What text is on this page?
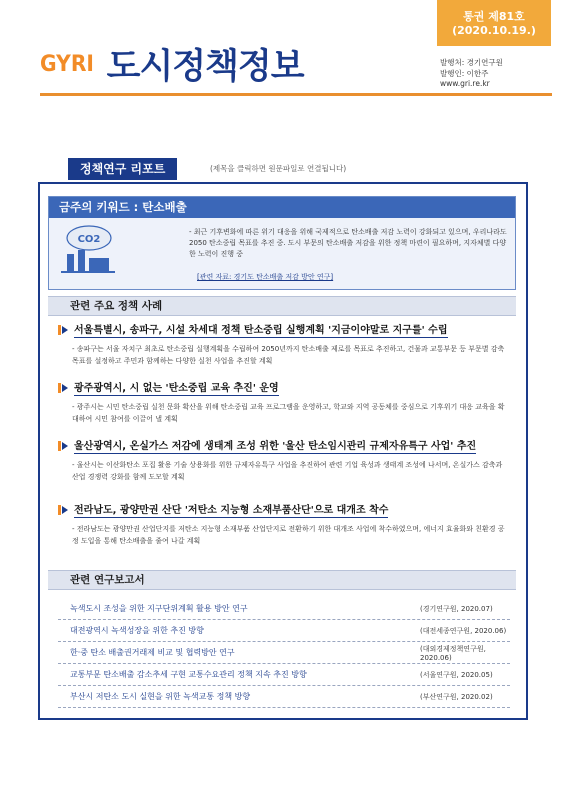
통권 제81호
(2020.10.19.)
GYRI 도시정책정보	발행처: 경기연구원
발행인: 이한주
www.gri.re.kr
정책연구 리포트	(제목을 클릭하면 원문파일로 연결됩니다)
금주의 키워드 : 탄소배출
CO2
- 최근 기후변화에 따른 위기 대응을 위해 국제적으로 탄소배출 저감 노력이 강화되고 있으며, 우리나라도 2050 탄소중립 목표를 추진 중. 도시 부문의 탄소배출 저감을 위한 정책 마련이 필요하며, 지자체별 다양한 노력이 진행 중
[관련 자료: 경기도 탄소배출 저감 방안 연구]
관련 주요 정책 사례
서울특별시, 송파구, 시설 차세대 정책 탄소중립 실행계획 '지금이야말로 지구를' 수립
- 송파구는 서울 자치구 최초로 탄소중립 실행계획을 수립하여 2050년까지 탄소배출 제로를 목표로 추진하고, 건물과 교통부문 등 부문별 감축 목표를 설정하고 주민과 함께하는 다양한 실천 사업을 추진할 계획
광주광역시, 시 없는 '탄소중립 교육 추진' 운영
- 광주시는 시민 탄소중립 실천 문화 확산을 위해 탄소중립 교육 프로그램을 운영하고, 학교와 지역 공동체를 중심으로 기후위기 대응 교육을 확대하여 시민 참여를 이끌어 낼 계획
울산광역시, 온실가스 저감에 생태계 조성 위한 '울산 탄소임시관리 규제자유특구 사업' 추진
- 울산시는 이산화탄소 포집 활용 기술 상용화를 위한 규제자유특구 사업을 추진하여 관련 기업 육성과 생태계 조성에 나서며, 온실가스 감축과 산업 경쟁력 강화를 함께 도모할 계획
전라남도, 광양만권 산단 '저탄소 지능형 소재부품산단'으로 대개조 착수
- 전라남도는 광양만권 산업단지를 저탄소 지능형 소재부품 산업단지로 전환하기 위한 대개조 사업에 착수하였으며, 에너지 효율화와 친환경 공정 도입을 통해 탄소배출을 줄여 나갈 계획
관련 연구보고서
녹색도시 조성을 위한 지구단위계획 활용 방안 연구	(경기연구원, 2020.07)
대전광역시 녹색성장을 위한 추진 방향	(대전세종연구원, 2020.06)
한·중 탄소 배출권거래제 비교 및 협력방안 연구	(대외경제정책연구원, 2020.06)
교통부문 탄소배출 감소추세 구현 교통수요관리 정책 지속 추진 방향	(서울연구원, 2020.05)
부산시 저탄소 도시 실현을 위한 녹색교통 정책 방향	(부산연구원, 2020.02)
